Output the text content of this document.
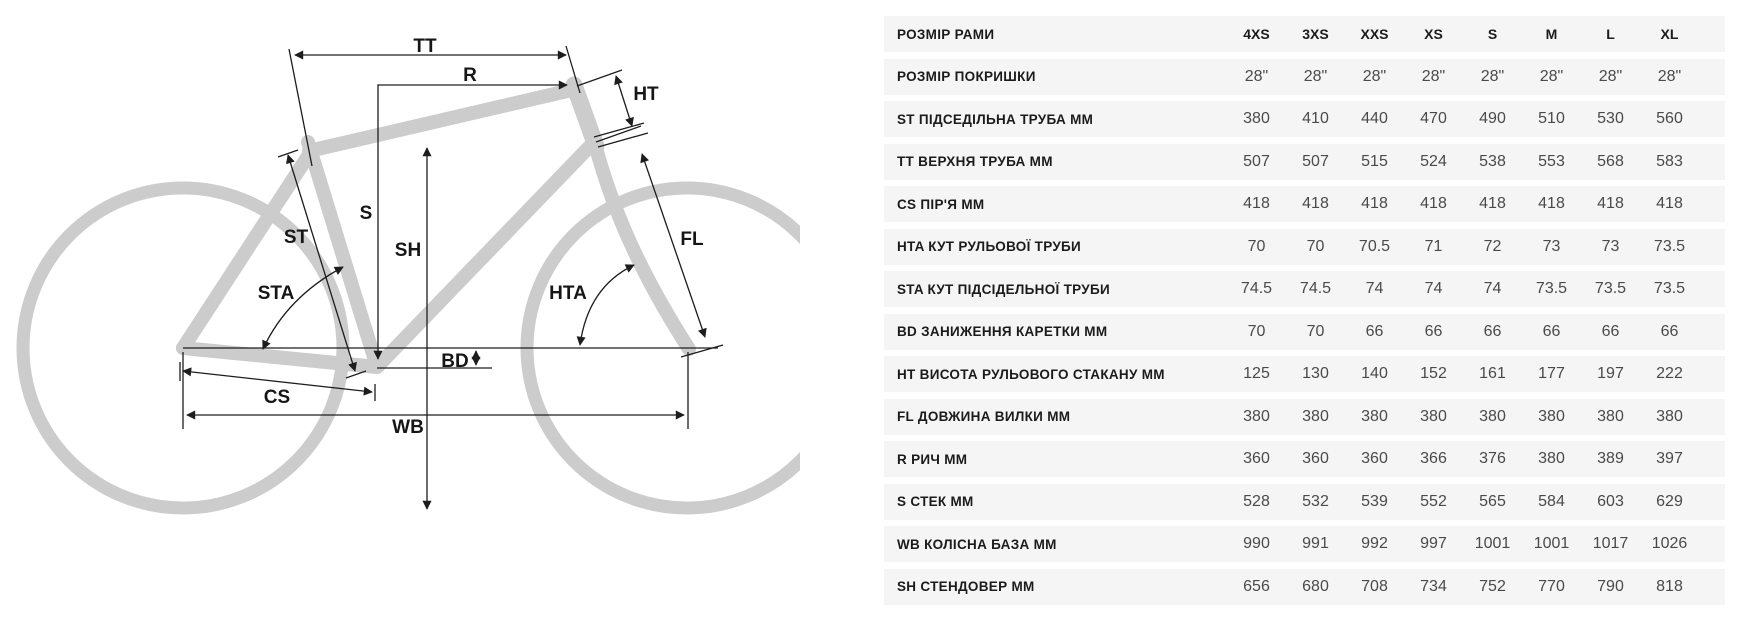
TT
R
HT
ST
S
SH
STA	HTA
FL
BD
CS
WB
РОЗМІР РАМИ	4XS	3XS	XXS	XS	S	M	L	XL
РОЗМІР ПОКРИШКИ	28"	28"	28"	28"	28"	28"	28"	28"
ST ПІДСЕДІЛЬНА ТРУБА ММ	380	410	440	470	490	510	530	560
TT ВЕРХНЯ ТРУБА ММ	507	507	515	524	538	553	568	583
CS ПІР'Я ММ	418	418	418	418	418	418	418	418
HTA КУТ РУЛЬОВОЇ ТРУБИ	70	70	70.5	71	72	73	73	73.5
STA КУТ ПІДСІДЕЛЬНОЇ ТРУБИ	74.5	74.5	74	74	74	73.5	73.5	73.5
BD ЗАНИЖЕННЯ КАРЕТКИ ММ	70	70	66	66	66	66	66	66
HT ВИСОТА РУЛЬОВОГО СТАКАНУ ММ	125	130	140	152	161	177	197	222
FL ДОВЖИНА ВИЛКИ ММ	380	380	380	380	380	380	380	380
R РИЧ ММ	360	360	360	366	376	380	389	397
S СТЕК ММ	528	532	539	552	565	584	603	629
WB КОЛІСНА БАЗА ММ	990	991	992	997	1001	1001	1017	1026
SH СТЕНДОВЕР ММ	656	680	708	734	752	770	790	818
